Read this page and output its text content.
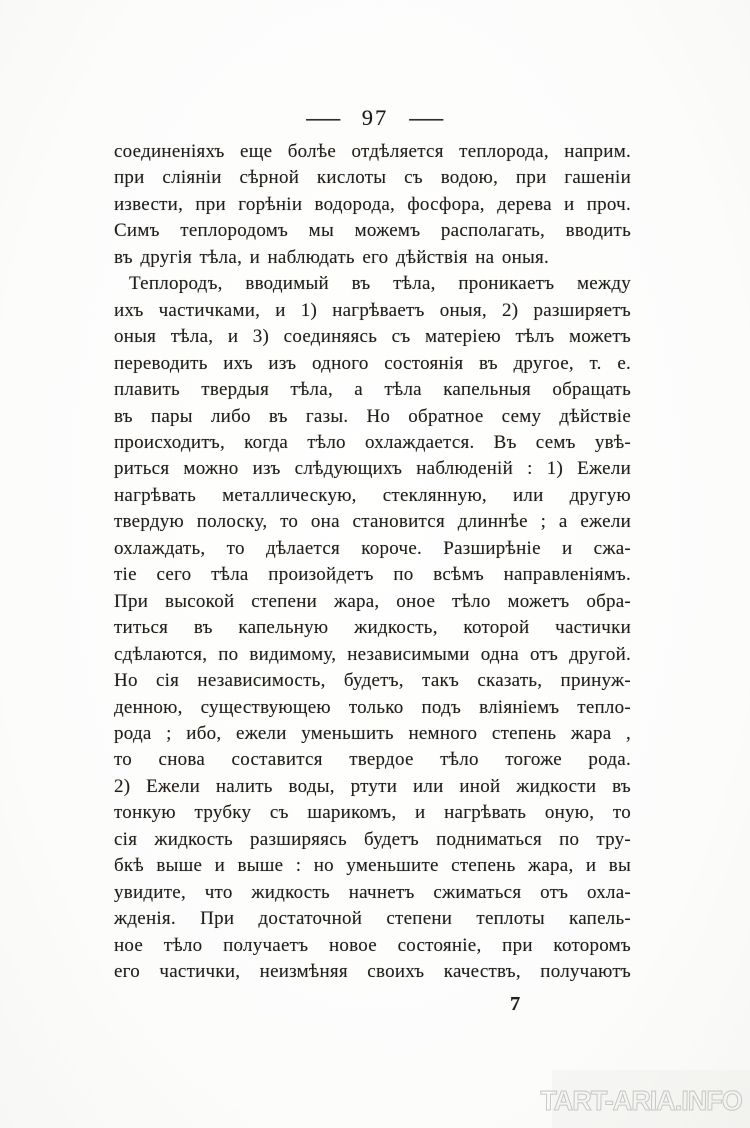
— 97 —
соединеніяхъ еще болѣе отдѣляется теплорода, наприм.
при сліяніи сѣрной кислоты съ водою, при гашеніи
извести, при горѣніи водорода, фосфора, дерева и проч.
Симъ теплородомъ мы можемъ располагать, вводить
въ другія тѣла, и наблюдать его дѣйствія на оныя.
Теплородъ, вводимый въ тѣла, проникаетъ между
ихъ частичками, и 1) нагрѣваетъ оныя, 2) разширяетъ
оныя тѣла, и 3) соединяясь съ матеріею тѣлъ можетъ
переводить ихъ изъ одного состоянія въ другое, т. е.
плавить твердыя тѣла, а тѣла капельныя обращать
въ пары либо въ газы. Но обратное сему дѣйствіе
происходитъ, когда тѣло охлаждается. Въ семъ увѣ-
риться можно изъ слѣдующихъ наблюденій : 1) Ежели
нагрѣвать металлическую, стеклянную, или другую
твердую полоску, то она становится длиннѣе ; а ежели
охлаждать, то дѣлается короче. Разширѣніе и сжа-
тіе сего тѣла произойдетъ по всѣмъ направленіямъ.
При высокой степени жара, оное тѣло можетъ обра-
титься въ капельную жидкость, которой частички
сдѣлаются, по видимому, независимыми одна отъ другой.
Но сія независимость, будетъ, такъ сказать, принуж-
денною, существующею только подъ вліяніемъ тепло-
рода ; ибо, ежели уменьшить немного степень жара ,
то снова составится твердое тѣло тогоже рода.
2) Ежели налить воды, ртути или иной жидкости въ
тонкую трубку съ шарикомъ, и нагрѣвать оную, то
сія жидкость разширяясь будетъ подниматься по тру-
бкѣ выше и выше : но уменьшите степень жара, и вы
увидите, что жидкость начнетъ сжиматься отъ охла-
жденія. При достаточной степени теплоты капель-
ное тѣло получаетъ новое состояніе, при которомъ
его частички, неизмѣняя своихъ качествъ, получаютъ
7
TART-ARIA.INFO
